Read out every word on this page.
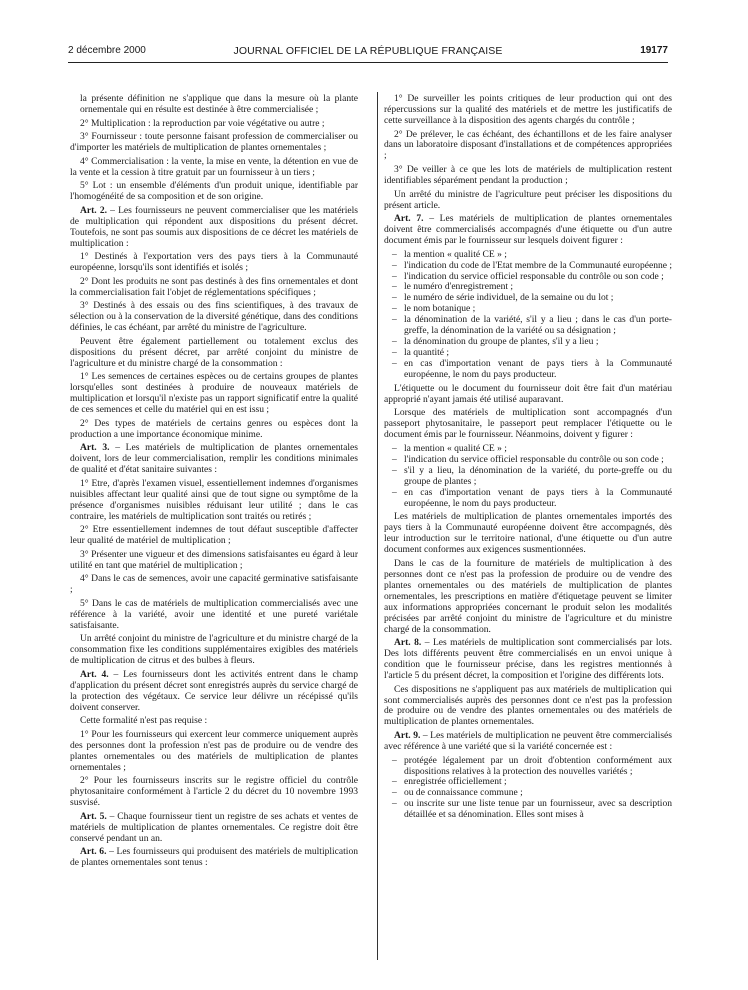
2 décembre 2000	JOURNAL OFFICIEL DE LA RÉPUBLIQUE FRANÇAISE	19177

la présente définition ne s'applique que dans la mesure où la plante ornementale qui en résulte est destinée à être commercialisée ;

2° Multiplication : la reproduction par voie végétative ou autre ;

3° Fournisseur : toute personne faisant profession de commercialiser ou d'importer les matériels de multiplication de plantes ornementales ;

4° Commercialisation : la vente, la mise en vente, la détention en vue de la vente et la cession à titre gratuit par un fournisseur à un tiers ;

5° Lot : un ensemble d'éléments d'un produit unique, identifiable par l'homogénéité de sa composition et de son origine.

Art. 2. – Les fournisseurs ne peuvent commercialiser que les matériels de multiplication qui répondent aux dispositions du présent décret. Toutefois, ne sont pas soumis aux dispositions de ce décret les matériels de multiplication :

1° Destinés à l'exportation vers des pays tiers à la Communauté européenne, lorsqu'ils sont identifiés et isolés ;

2° Dont les produits ne sont pas destinés à des fins ornementales et dont la commercialisation fait l'objet de réglementations spécifiques ;

3° Destinés à des essais ou des fins scientifiques, à des travaux de sélection ou à la conservation de la diversité génétique, dans des conditions définies, le cas échéant, par arrêté du ministre de l'agriculture.

Peuvent être également partiellement ou totalement exclus des dispositions du présent décret, par arrêté conjoint du ministre de l'agriculture et du ministre chargé de la consommation :

1° Les semences de certaines espèces ou de certains groupes de plantes lorsqu'elles sont destinées à produire de nouveaux matériels de multiplication et lorsqu'il n'existe pas un rapport significatif entre la qualité de ces semences et celle du matériel qui en est issu ;

2° Des types de matériels de certains genres ou espèces dont la production a une importance économique minime.

Art. 3. – Les matériels de multiplication de plantes ornementales doivent, lors de leur commercialisation, remplir les conditions minimales de qualité et d'état sanitaire suivantes :

1° Etre, d'après l'examen visuel, essentiellement indemnes d'organismes nuisibles affectant leur qualité ainsi que de tout signe ou symptôme de la présence d'organismes nuisibles réduisant leur utilité ; dans le cas contraire, les matériels de multiplication sont traités ou retirés ;

2° Etre essentiellement indemnes de tout défaut susceptible d'affecter leur qualité de matériel de multiplication ;

3° Présenter une vigueur et des dimensions satisfaisantes eu égard à leur utilité en tant que matériel de multiplication ;

4° Dans le cas de semences, avoir une capacité germinative satisfaisante ;

5° Dans le cas de matériels de multiplication commercialisés avec une référence à la variété, avoir une identité et une pureté variétale satisfaisante.

Un arrêté conjoint du ministre de l'agriculture et du ministre chargé de la consommation fixe les conditions supplémentaires exigibles des matériels de multiplication de citrus et des bulbes à fleurs.

Art. 4. – Les fournisseurs dont les activités entrent dans le champ d'application du présent décret sont enregistrés auprès du service chargé de la protection des végétaux. Ce service leur délivre un récépissé qu'ils doivent conserver.

Cette formalité n'est pas requise :

1° Pour les fournisseurs qui exercent leur commerce uniquement auprès des personnes dont la profession n'est pas de produire ou de vendre des plantes ornementales ou des matériels de multiplication de plantes ornementales ;

2° Pour les fournisseurs inscrits sur le registre officiel du contrôle phytosanitaire conformément à l'article 2 du décret du 10 novembre 1993 susvisé.

Art. 5. – Chaque fournisseur tient un registre de ses achats et ventes de matériels de multiplication de plantes ornementales. Ce registre doit être conservé pendant un an.

Art. 6. – Les fournisseurs qui produisent des matériels de multiplication de plantes ornementales sont tenus :

1° De surveiller les points critiques de leur production qui ont des répercussions sur la qualité des matériels et de mettre les justificatifs de cette surveillance à la disposition des agents chargés du contrôle ;

2° De prélever, le cas échéant, des échantillons et de les faire analyser dans un laboratoire disposant d'installations et de compétences appropriées ;

3° De veiller à ce que les lots de matériels de multiplication restent identifiables séparément pendant la production ;

Un arrêté du ministre de l'agriculture peut préciser les dispositions du présent article.

Art. 7. – Les matériels de multiplication de plantes ornementales doivent être commercialisés accompagnés d'une étiquette ou d'un autre document émis par le fournisseur sur lesquels doivent figurer :

– la mention « qualité CE » ;
– l'indication du code de l'Etat membre de la Communauté européenne ;
– l'indication du service officiel responsable du contrôle ou son code ;
– le numéro d'enregistrement ;
– le numéro de série individuel, de la semaine ou du lot ;
– le nom botanique ;
– la dénomination de la variété, s'il y a lieu ; dans le cas d'un porte-greffe, la dénomination de la variété ou sa désignation ;
– la dénomination du groupe de plantes, s'il y a lieu ;
– la quantité ;
– en cas d'importation venant de pays tiers à la Communauté européenne, le nom du pays producteur.

L'étiquette ou le document du fournisseur doit être fait d'un matériau approprié n'ayant jamais été utilisé auparavant.

Lorsque des matériels de multiplication sont accompagnés d'un passeport phytosanitaire, le passeport peut remplacer l'étiquette ou le document émis par le fournisseur. Néanmoins, doivent y figurer :

– la mention « qualité CE » ;
– l'indication du service officiel responsable du contrôle ou son code ;
– s'il y a lieu, la dénomination de la variété, du porte-greffe ou du groupe de plantes ;
– en cas d'importation venant de pays tiers à la Communauté européenne, le nom du pays producteur.

Les matériels de multiplication de plantes ornementales importés des pays tiers à la Communauté européenne doivent être accompagnés, dès leur introduction sur le territoire national, d'une étiquette ou d'un autre document conformes aux exigences susmentionnées.

Dans le cas de la fourniture de matériels de multiplication à des personnes dont ce n'est pas la profession de produire ou de vendre des plantes ornementales ou des matériels de multiplication de plantes ornementales, les prescriptions en matière d'étiquetage peuvent se limiter aux informations appropriées concernant le produit selon les modalités précisées par arrêté conjoint du ministre de l'agriculture et du ministre chargé de la consommation.

Art. 8. – Les matériels de multiplication sont commercialisés par lots. Des lots différents peuvent être commercialisés en un envoi unique à condition que le fournisseur précise, dans les registres mentionnés à l'article 5 du présent décret, la composition et l'origine des différents lots.

Ces dispositions ne s'appliquent pas aux matériels de multiplication qui sont commercialisés auprès des personnes dont ce n'est pas la profession de produire ou de vendre des plantes ornementales ou des matériels de multiplication de plantes ornementales.

Art. 9. – Les matériels de multiplication ne peuvent être commercialisés avec référence à une variété que si la variété concernée est :

– protégée légalement par un droit d'obtention conformément aux dispositions relatives à la protection des nouvelles variétés ;
– enregistrée officiellement ;
– ou de connaissance commune ;
– ou inscrite sur une liste tenue par un fournisseur, avec sa description détaillée et sa dénomination. Elles sont mises à
